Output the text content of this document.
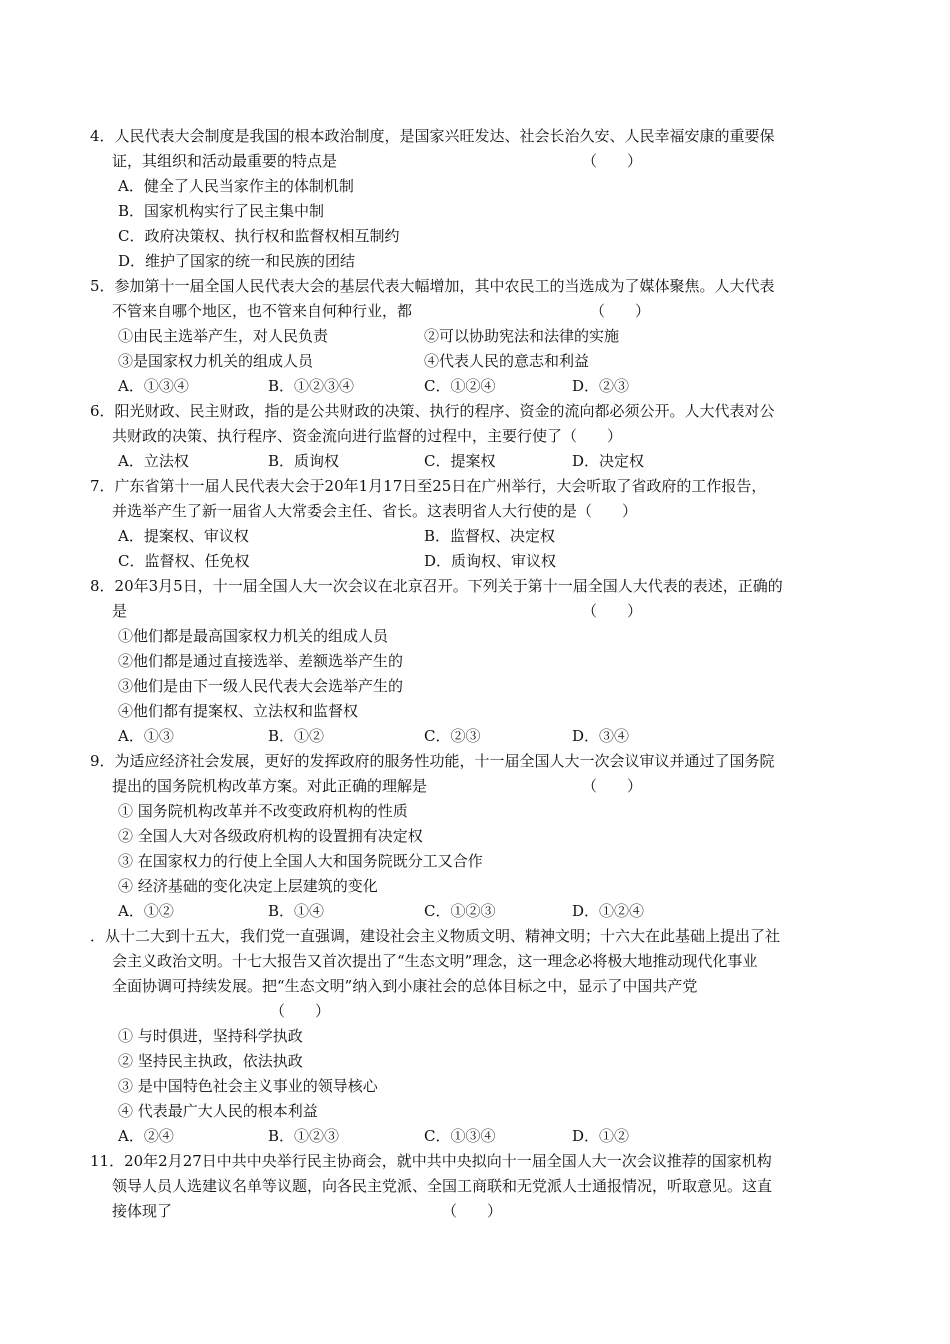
4．人民代表大会制度是我国的根本政治制度，是国家兴旺发达、社会长治久安、人民幸福安康的重要保
证，其组织和活动最重要的特点是	（　　）
A．健全了人民当家作主的体制机制
B．国家机构实行了民主集中制
C．政府决策权、执行权和监督权相互制约
D．维护了国家的统一和民族的团结
5．参加第十一届全国人民代表大会的基层代表大幅增加，其中农民工的当选成为了媒体聚焦。人大代表
不管来自哪个地区，也不管来自何种行业，都	（　　）
①由民主选举产生，对人民负责	②可以协助宪法和法律的实施
③是国家权力机关的组成人员	④代表人民的意志和利益
A．①③④	B．①②③④	C．①②④	D．②③
6．阳光财政、民主财政，指的是公共财政的决策、执行的程序、资金的流向都必须公开。人大代表对公
共财政的决策、执行程序、资金流向进行监督的过程中，主要行使了（　　）
A．立法权	B．质询权	C．提案权	D．决定权
7．广东省第十一届人民代表大会于20年1月17日至25日在广州举行，大会听取了省政府的工作报告，
并选举产生了新一届省人大常委会主任、省长。这表明省人大行使的是（　　）
A．提案权、审议权	B．监督权、决定权
C．监督权、任免权	D．质询权、审议权
8．20年3月5日，十一届全国人大一次会议在北京召开。下列关于第十一届全国人大代表的表述，正确的
是	（　　）
①他们都是最高国家权力机关的组成人员
②他们都是通过直接选举、差额选举产生的
③他们是由下一级人民代表大会选举产生的
④他们都有提案权、立法权和监督权
A．①③	B．①②	C．②③	D．③④
9．为适应经济社会发展，更好的发挥政府的服务性功能，十一届全国人大一次会议审议并通过了国务院
提出的国务院机构改革方案。对此正确的理解是	（　　）
① 国务院机构改革并不改变政府机构的性质
② 全国人大对各级政府机构的设置拥有决定权
③ 在国家权力的行使上全国人大和国务院既分工又合作
④ 经济基础的变化决定上层建筑的变化
A．①②	B．①④	C．①②③	D．①②④
．从十二大到十五大，我们党一直强调，建设社会主义物质文明、精神文明；十六大在此基础上提出了社
会主义政治文明。十七大报告又首次提出了“生态文明”理念，这一理念必将极大地推动现代化事业
全面协调可持续发展。把“生态文明”纳入到小康社会的总体目标之中，显示了中国共产党
（　　）
① 与时俱进，坚持科学执政
② 坚持民主执政，依法执政
③ 是中国特色社会主义事业的领导核心
④ 代表最广大人民的根本利益
A．②④	B．①②③	C．①③④	D．①②
11．20年2月27日中共中央举行民主协商会，就中共中央拟向十一届全国人大一次会议推荐的国家机构
领导人员人选建议名单等议题，向各民主党派、全国工商联和无党派人士通报情况，听取意见。这直
接体现了	（　　）
